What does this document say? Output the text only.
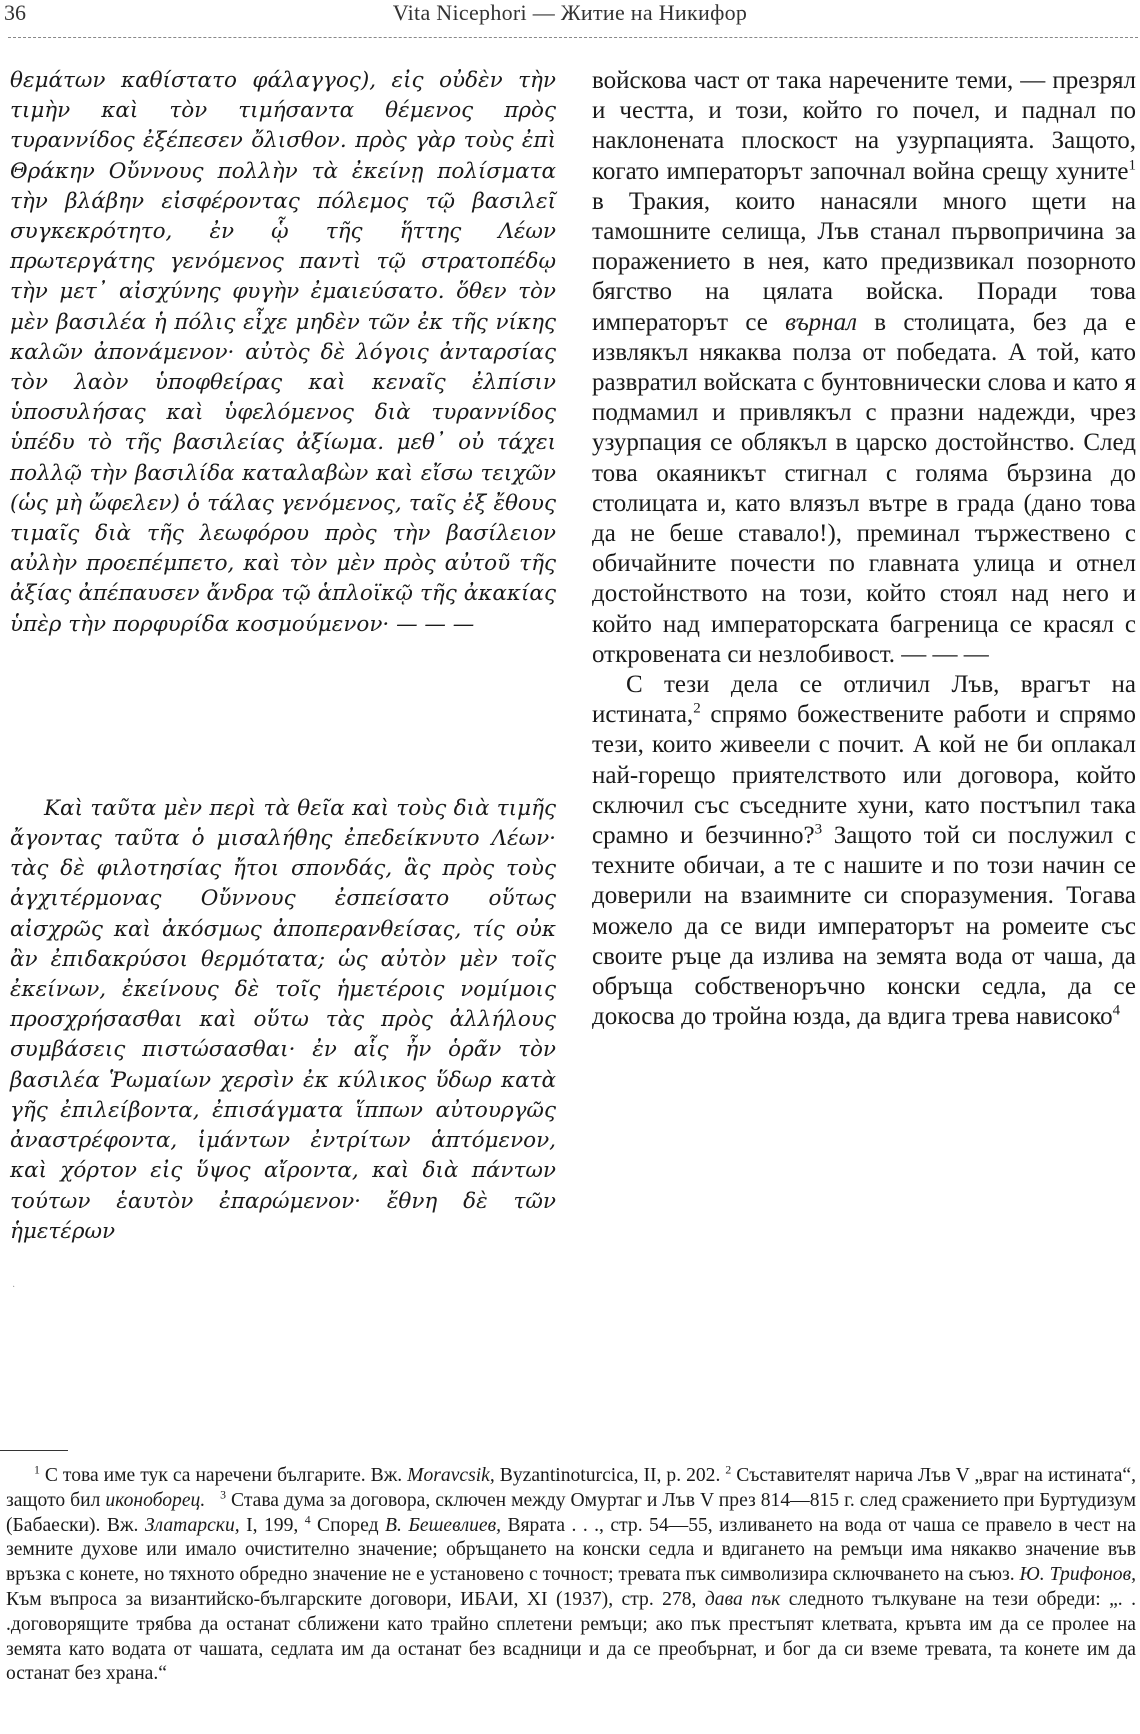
36	Vita Nicephori — Житие на Никифор

θεμάτων καθίστατο φάλαγγος), εἰς οὐδὲν τὴν τιμὴν καὶ τὸν τιμήσαντα θέμενος πρὸς τυραννίδος ἐξέπεσεν ὄλισθον. πρὸς γὰρ τοὺς ἐπὶ Θράκην Οὔννους πολλὴν τὰ ἐκείνῃ πολίσματα τὴν βλάβην εἰσφέροντας πόλεμος τῷ βασιλεῖ συγκεκρότητο, ἐν ᾧ τῆς ἥττης Λέων πρωτεργάτης γενόμενος παντὶ τῷ στρατοπέδῳ τὴν μετ᾽ αἰσχύνης φυγὴν ἐμαιεύσατο. ὅθεν τὸν μὲν βασιλέα ἡ πόλις εἶχε μηδὲν τῶν ἐκ τῆς νίκης καλῶν ἀπονάμενον· αὐτὸς δὲ λόγοις ἀνταρσίας τὸν λαὸν ὑποφθείρας καὶ κεναῖς ἐλπίσιν ὑποσυλήσας καὶ ὑφελόμενος διὰ τυραννίδος ὑπέδυ τὸ τῆς βασιλείας ἀξίωμα. μεθ᾽ οὐ τάχει πολλῷ τὴν βασιλίδα καταλαβὼν καὶ εἴσω τειχῶν (ὡς μὴ ὤφελεν) ὁ τάλας γενόμενος, ταῖς ἐξ ἔθους τιμαῖς διὰ τῆς λεωφόρου πρὸς τὴν βασίλειον αὐλὴν προεπέμπετο, καὶ τὸν μὲν πρὸς αὐτοῦ τῆς ἀξίας ἀπέπαυσεν ἄνδρα τῷ ἁπλοϊκῷ τῆς ἀκακίας ὑπὲρ τὴν πορφυρίδα κοσμούμενον· — — —

Καὶ ταῦτα μὲν περὶ τὰ θεῖα καὶ τοὺς διὰ τιμῆς ἄγοντας ταῦτα ὁ μισαλήθης ἐπεδείκνυτο Λέων· τὰς δὲ φιλοτησίας ἤτοι σπονδάς, ἃς πρὸς τοὺς ἀγχιτέρμονας Οὔννους ἐσπείσατο οὕτως αἰσχρῶς καὶ ἀκόσμως ἀποπερανθείσας, τίς οὐκ ἂν ἐπιδακρύσοι θερμότατα; ὡς αὐτὸν μὲν τοῖς ἐκείνων, ἐκείνους δὲ τοῖς ἡμετέροις νομίμοις προσχρήσασθαι καὶ οὕτω τὰς πρὸς ἀλλήλους συμβάσεις πιστώσασθαι· ἐν αἷς ἦν ὁρᾶν τὸν βασιλέα Ῥωμαίων χερσὶν ἐκ κύλικος ὕδωρ κατὰ γῆς ἐπιλείβοντα, ἐπισάγματα ἵππων αὐτουργῶς ἀναστρέφοντα, ἱμάντων ἐντρίτων ἁπτόμενον, καὶ χόρτον εἰς ὕψος αἴροντα, καὶ διὰ πάντων τούτων ἑαυτὸν ἐπαρώμενον· ἔθνη δὲ τῶν ἡμετέρων

войскова част от така наречените теми, — презрял и честта, и този, който го почел, и паднал по наклонената плоскост на узурпацията. Защото, когато императорът започнал война срещу хуните$^1$ в Тракия, които нанасяли много щети на тамошните селища, Лъв станал първопричина за поражението в нея, като предизвикал позорното бягство на цялата войска. Поради това императорът се върнал в столицата, без да е извлякъл някаква полза от победата. А той, като развратил войската с бунтовнически слова и като я подмамил и привлякъл с празни надежди, чрез узурпация се облякъл в царско достойнство. След това окаяникът стигнал с голяма бързина до столицата и, като влязъл вътре в града (дано това да не беше ставало!), преминал тържествено с обичайните почести по главната улица и отнел достойнството на този, който стоял над него и който над императорската багреница се красял с откровената си незлобивост. — — —

С тези дела се отличил Лъв, врагът на истината,$^2$ спрямо божествените работи и спрямо тези, които живеели с почит. А кой не би оплакал най-горещо приятелството или договора, който сключил със съседните хуни, като постъпил така срамно и безчинно?$^3$ Защото той си послужил с техните обичаи, а те с нашите и по този начин се доверили на взаимните си споразумения. Тогава можело да се види императорът на ромеите със своите ръце да излива на земята вода от чаша, да обръща собственоръчно конски седла, да се докосва до тройна юзда, да вдига трева нависоко$^4$

·

$^1$ С това име тук са наречени българите. Вж. Moravcsik, Byzantinoturcica, II, p. 202. $^2$ Съставителят нарича Лъв V „враг на истината“, защото бил иконоборец. $^3$ Става дума за договора, сключен между Омуртаг и Лъв V през 814—815 г. след сражението при Буртудизум (Бабаески). Вж. Златарски, I, 199, $^4$ Според В. Бешевлиев, Вярата . . ., стр. 54—55, изливането на вода от чаша се правело в чест на земните духове или имало очистително значение; обръщането на конски седла и вдигането на ремъци има някакво значение във връзка с конете, но тяхното обредно значение не е установено с точност; тревата пък символизира сключването на съюз. Ю. Трифонов, Към въпроса за византийско-българските договори, ИБАИ, XI (1937), стр. 278, дава пък следното тълкуване на тези обреди: „. . .договорящите трябва да останат сближени като трайно сплетени ремъци; ако пък престъпят клетвата, кръвта им да се пролее на земята като водата от чашата, седлата им да останат без всадници и да се преобърнат, и бог да си вземе тревата, та конете им да останат без храна.“
